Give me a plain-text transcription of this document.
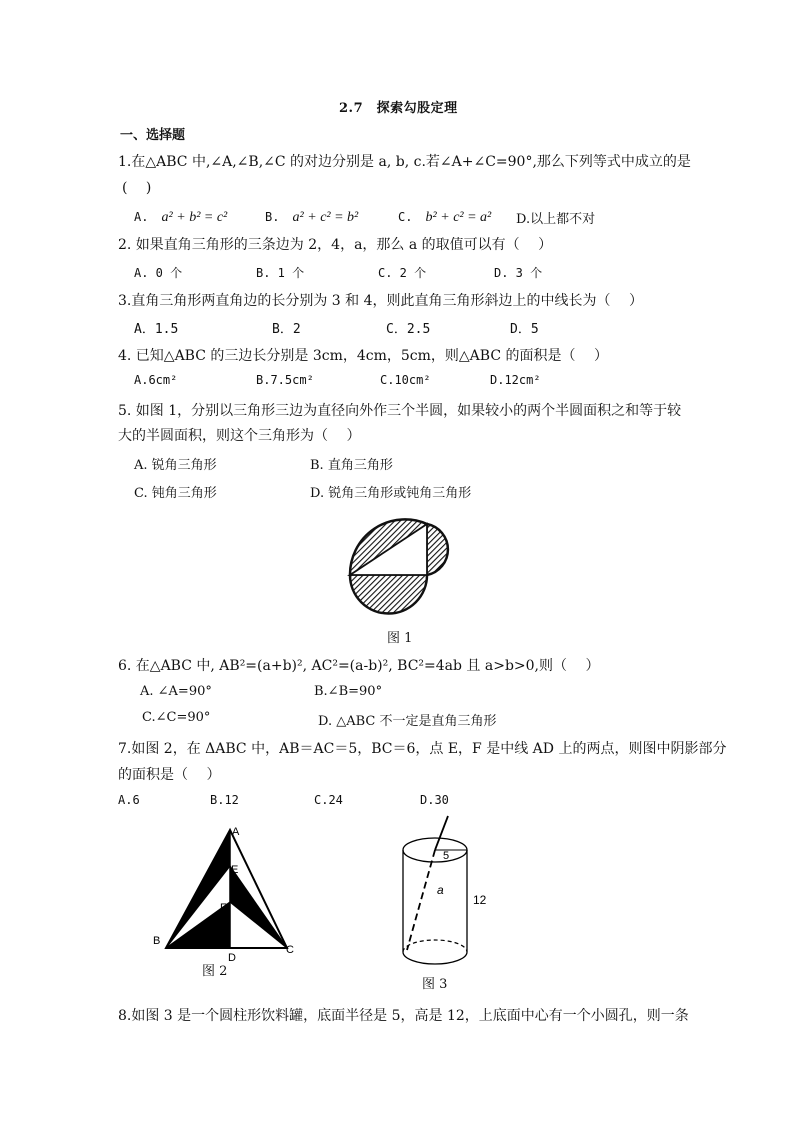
2.7　探索勾股定理
一、选择题
1.在△ABC 中,∠A,∠B,∠C 的对边分别是 a, b, c.若∠A+∠C=90°,那么下列等式中成立的是
(　 )
A. a² + b² = c²	B. a² + c² = b²	C. b² + c² = a² D.以上都不对
2. 如果直角三角形的三条边为 2，4，a，那么 a 的取值可以有（　 ）
A. 0 个	B. 1 个	C. 2 个	D. 3 个
3.直角三角形两直角边的长分别为 3 和 4，则此直角三角形斜边上的中线长为（　 ）
A．1.5	B．2	C．2.5	D．5
4. 已知△ABC 的三边长分别是 3cm，4cm，5cm，则△ABC 的面积是（　 ）
A.6cm²	B.7.5cm²	C.10cm²	D.12cm²
5. 如图 1，分别以三角形三边为直径向外作三个半圆，如果较小的两个半圆面积之和等于较
大的半圆面积，则这个三角形为（　 ）
A. 锐角三角形	B. 直角三角形
C. 钝角三角形	D. 锐角三角形或钝角三角形
图 1
6. 在△ABC 中, AB²=(a+b)², AC²=(a-b)², BC²=4ab 且 a>b>0,则（　 ）
A. ∠A=90°	B.∠B=90°
C.∠C=90°	D. △ABC 不一定是直角三角形
7.如图 2，在 ΔABC 中，AB＝AC＝5，BC＝6，点 E，F 是中线 AD 上的两点，则图中阴影部分
的面积是（　 ）
A.6	B.12	C.24	D.30
A
B
C
D
E
F
图 2
5
a
12
图 3
8.如图 3 是一个圆柱形饮料罐，底面半径是 5，高是 12，上底面中心有一个小圆孔，则一条
